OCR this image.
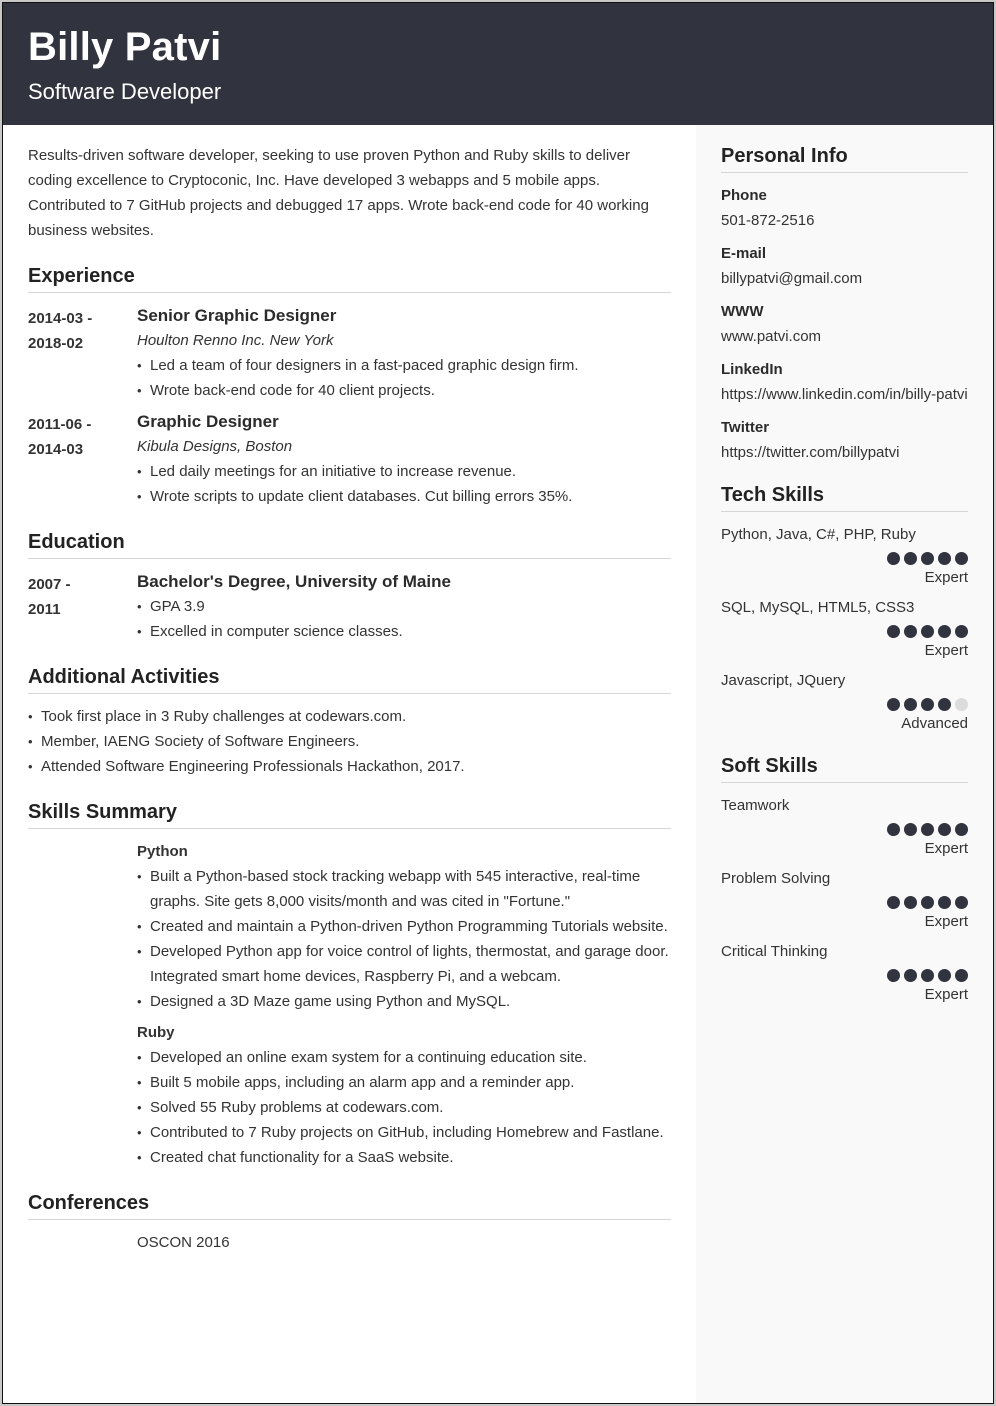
Billy Patvi
Software Developer
Results-driven software developer, seeking to use proven Python and Ruby skills to deliver coding excellence to Cryptoconic, Inc. Have developed 3 webapps and 5 mobile apps. Contributed to 7 GitHub projects and debugged 17 apps. Wrote back-end code for 40 working business websites.
Experience
2014-03 -
2018-02
Senior Graphic Designer
Houlton Renno Inc. New York
• Led a team of four designers in a fast-paced graphic design firm.
• Wrote back-end code for 40 client projects.
2011-06 -
2014-03
Graphic Designer
Kibula Designs, Boston
• Led daily meetings for an initiative to increase revenue.
• Wrote scripts to update client databases. Cut billing errors 35%.
Education
2007 -
2011
Bachelor's Degree, University of Maine
• GPA 3.9
• Excelled in computer science classes.
Additional Activities
• Took first place in 3 Ruby challenges at codewars.com.
• Member, IAENG Society of Software Engineers.
• Attended Software Engineering Professionals Hackathon, 2017.
Skills Summary
Python
• Built a Python-based stock tracking webapp with 545 interactive, real-time graphs. Site gets 8,000 visits/month and was cited in "Fortune."
• Created and maintain a Python-driven Python Programming Tutorials website.
• Developed Python app for voice control of lights, thermostat, and garage door. Integrated smart home devices, Raspberry Pi, and a webcam.
• Designed a 3D Maze game using Python and MySQL.
Ruby
• Developed an online exam system for a continuing education site.
• Built 5 mobile apps, including an alarm app and a reminder app.
• Solved 55 Ruby problems at codewars.com.
• Contributed to 7 Ruby projects on GitHub, including Homebrew and Fastlane.
• Created chat functionality for a SaaS website.
Conferences
OSCON 2016
Personal Info
Phone
501-872-2516
E-mail
billypatvi@gmail.com
WWW
www.patvi.com
LinkedIn
https://www.linkedin.com/in/billy-patvi
Twitter
https://twitter.com/billypatvi
Tech Skills
Python, Java, C#, PHP, Ruby
Expert
SQL, MySQL, HTML5, CSS3
Expert
Javascript, JQuery
Advanced
Soft Skills
Teamwork
Expert
Problem Solving
Expert
Critical Thinking
Expert
